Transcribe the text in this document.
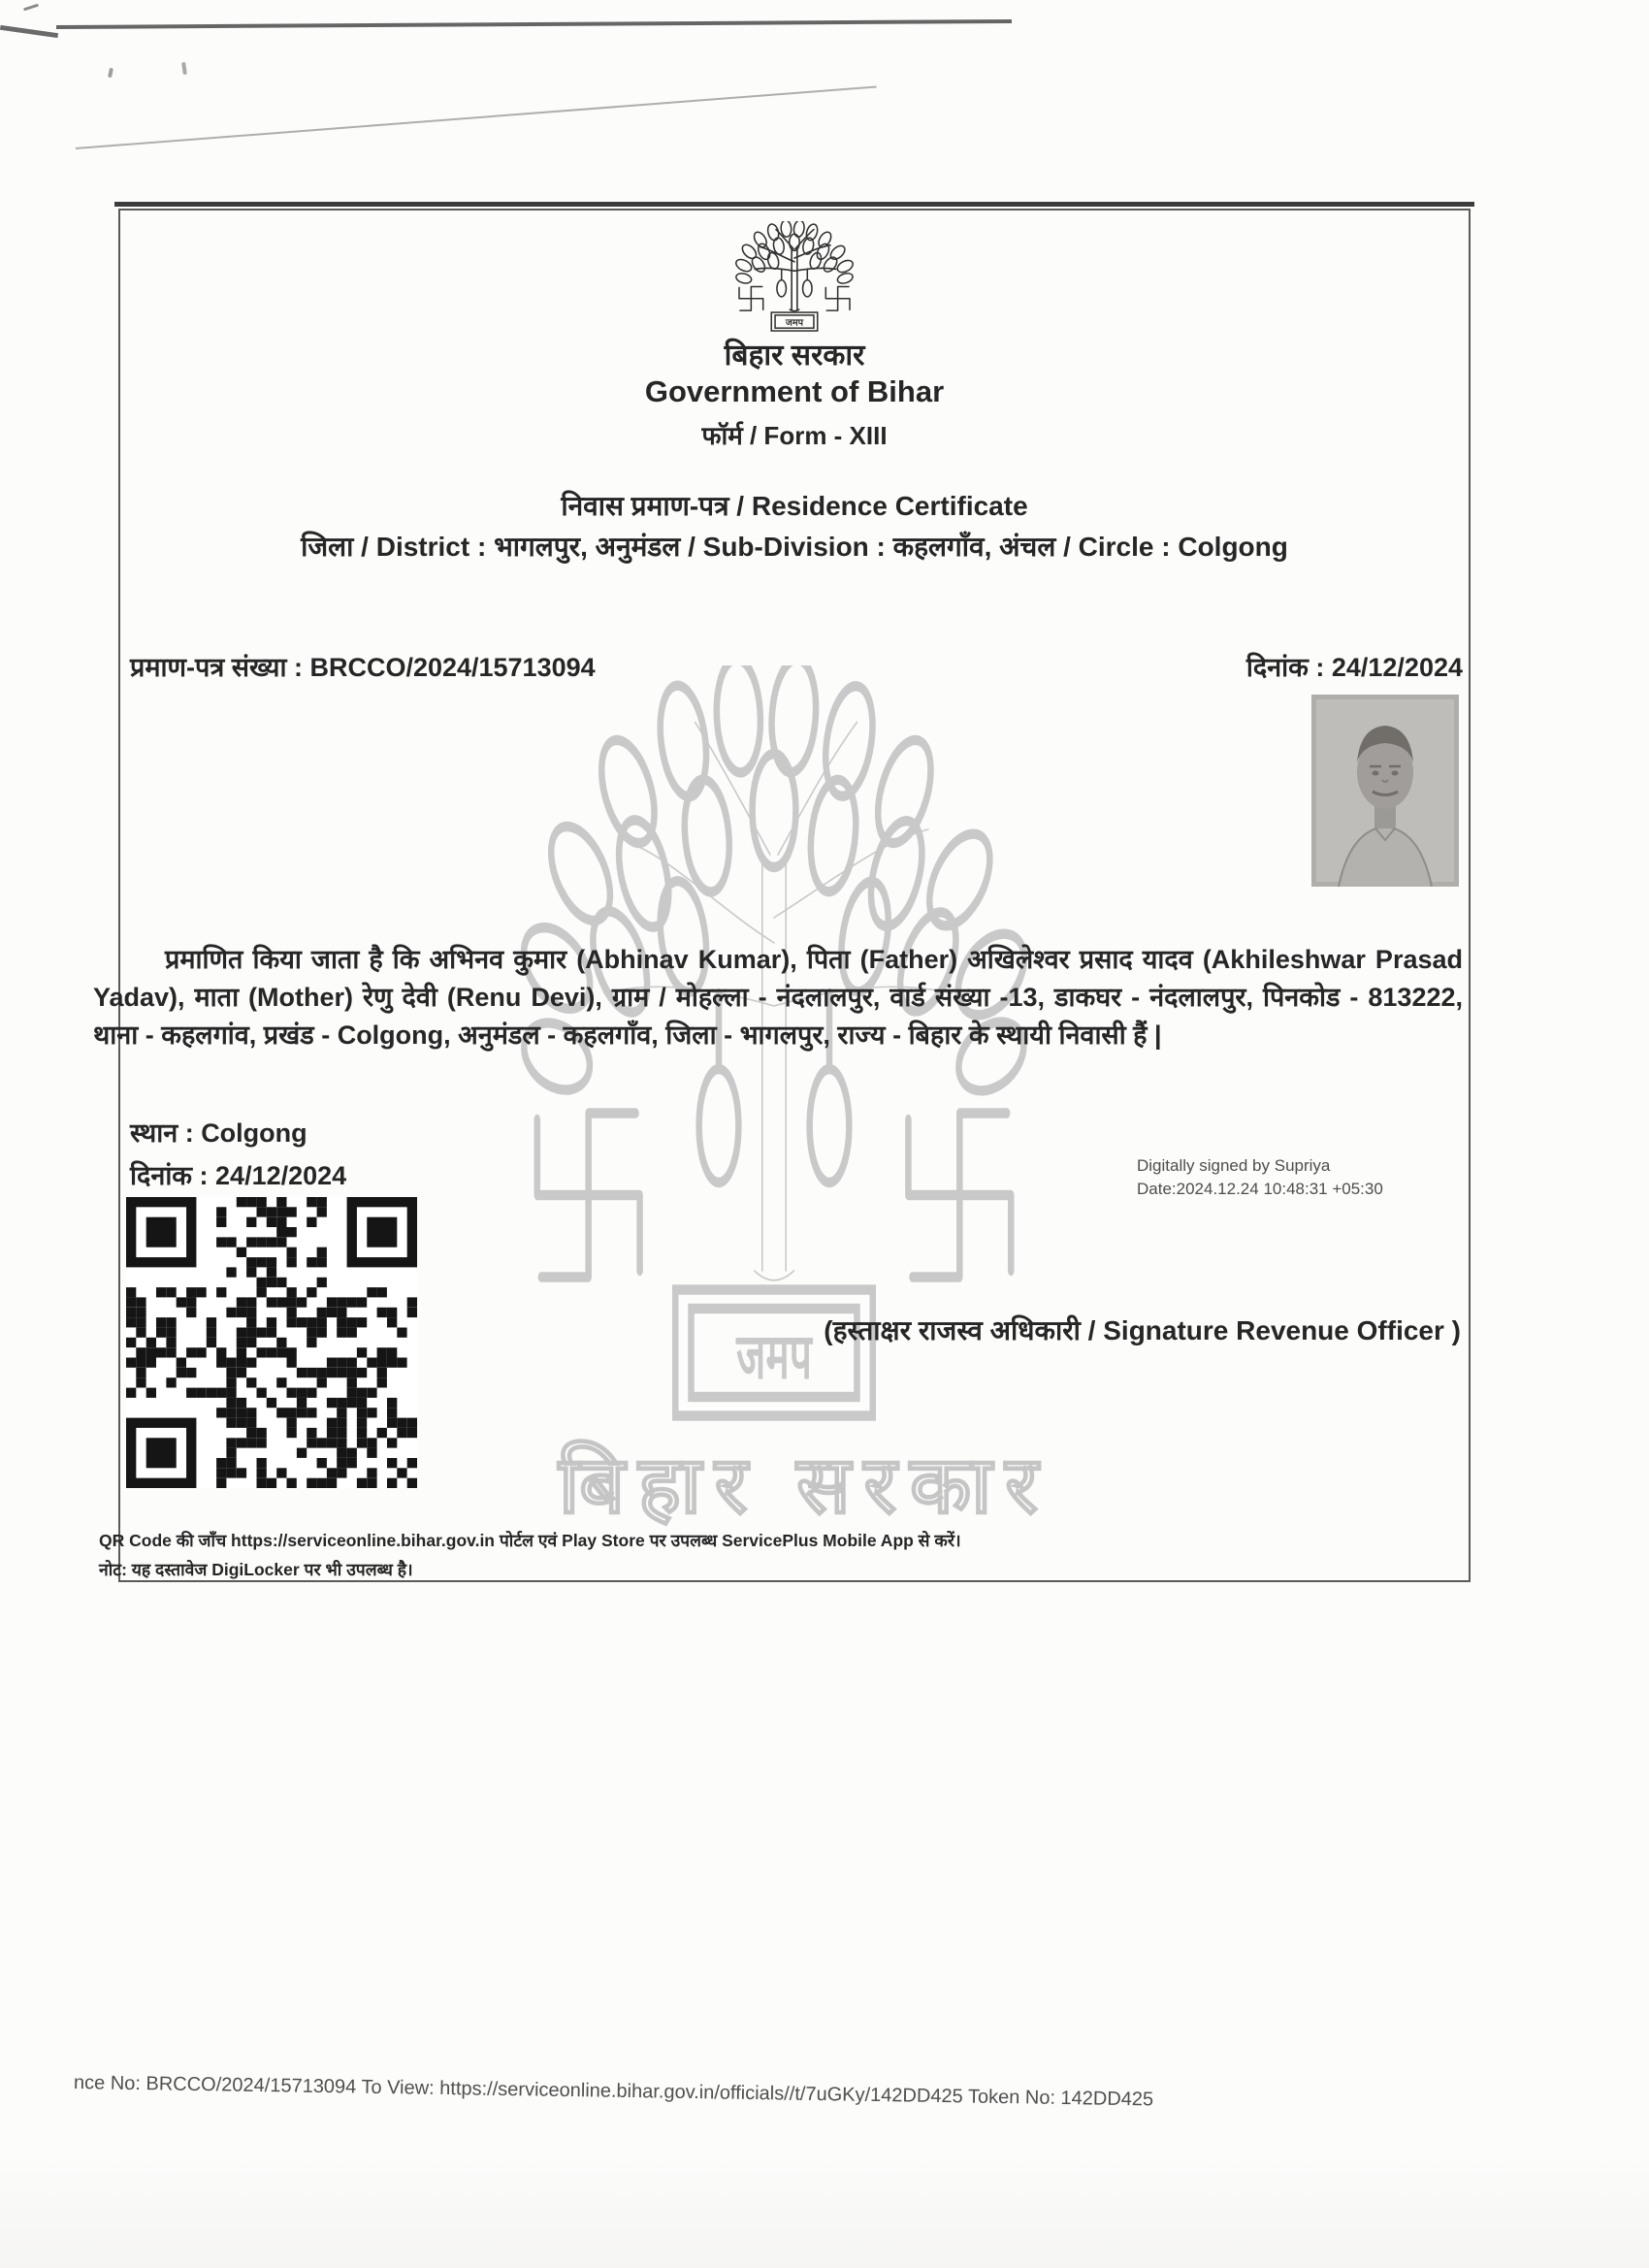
बिहार सरकार
बिहार सरकार
Government of Bihar
फॉर्म / Form - XIII
निवास प्रमाण-पत्र / Residence Certificate
जिला / District : भागलपुर, अनुमंडल / Sub-Division : कहलगाँव, अंचल / Circle : Colgong
प्रमाण-पत्र संख्या : BRCCO/2024/15713094	दिनांक : 24/12/2024
प्रमाणित किया जाता है कि अभिनव कुमार (Abhinav Kumar), पिता (Father) अखिलेश्वर प्रसाद यादव (Akhileshwar Prasad Yadav), माता (Mother) रेणु देवी (Renu Devi), ग्राम / मोहल्ला - नंदलालपुर, वार्ड संख्या -13, डाकघर - नंदलालपुर, पिनकोड - 813222, थाना - कहलगांव, प्रखंड - Colgong, अनुमंडल - कहलगाँव, जिला - भागलपुर, राज्य - बिहार के स्थायी निवासी हैं |
स्थान : Colgong
दिनांक : 24/12/2024	Digitally signed by Supriya
Date:2024.12.24 10:48:31 +05:30
(हस्ताक्षर राजस्व अधिकारी / Signature Revenue Officer )
QR Code की जाँच https://serviceonline.bihar.gov.in पोर्टल एवं Play Store पर उपलब्ध ServicePlus Mobile App से करें।
नोट: यह दस्तावेज DigiLocker पर भी उपलब्ध है।
nce No: BRCCO/2024/15713094 To View: https://serviceonline.bihar.gov.in/officials//t/7uGKy/142DD425 Token No: 142DD425
